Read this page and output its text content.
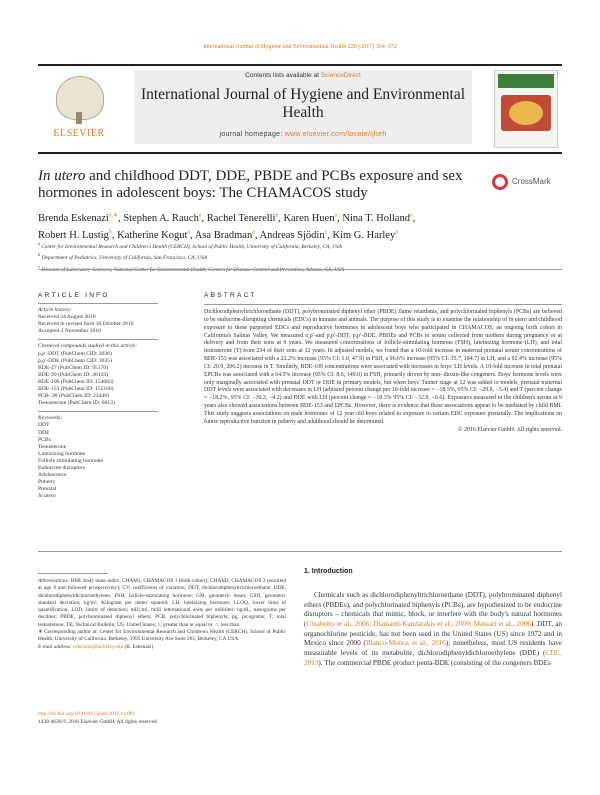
International Journal of Hygiene and Environmental Health 220 (2017) 364–372
ELSEVIER
Contents lists available at ScienceDirect
International Journal of Hygiene and Environmental Health
journal homepage: www.elsevier.com/locate/ijheh
In utero and childhood DDT, DDE, PBDE and PCBs exposure and sex hormones in adolescent boys: The CHAMACOS study
CrossMark
Brenda Eskenazi$^{a,∗}$, Stephen A. Rauch$^a$, Rachel Tenerelli$^a$, Karen Huen$^a$, Nina T. Holland$^a$,
Robert H. Lustig$^b$, Katherine Kogut$^a$, Asa Bradman$^a$, Andreas Sjödin$^c$, Kim G. Harley$^a$
$^a$ Center for Environmental Research and Children's Health (CERCH), School of Public Health, University of California, Berkeley, CA, USA
$^b$ Department of Pediatrics, University of California, San Francisco, CA, USA
$^c$
ARTICLE INFO
Article history:
Received 24 August 2016
Received in revised form 30 October 2016
Accepted 2 November 2016
Chemical compounds studied in this article:
p,p′-DDT (PubChem CID: 3036)
p,p′-DDE (PubChem CID: 3035)
BDE-47 (PubChem ID: 95170)
BDE-99 (PubChem ID: 36159)
BDE-100 (PubChem ID: 154083)
BDE-153 (PubChem ID: 155166)
PCB- 28 (PubChem ID: 23448)
Testosterone (PubChem ID: 6013)
Keywords:
DDT
DDE
PCBs
Testosterone
Luteinizing hormone
Follicle stimulating hormone
Endocrine disruptors
Adolescence
Puberty
Prenatal
In utero
ABSTRACT
Dichlorodiphenyltrichloroethane (DDT), polybrominated diphenyl ether (PBDE) flame retardants, and polychlorinated biphenyls (PCBs) are believed to be endocrine-disrupting chemicals (EDCs) in humans and animals. The purpose of this study is to examine the relationship of in utero and childhood exposure to these purported EDCs and reproductive hormones in adolescent boys who participated in CHAMACOS, an ongoing birth cohort in California's Salinas Valley. We measured o,p′-and p,p′-DDT, p,p′-DDE, PBDEs and PCBs in serum collected from mothers during pregnancy or at delivery and from their sons at 9 years. We measured concentrations of follicle-stimulating hormone (FSH), luteinizing hormone (LH), and total testosterone (T) from 234 of their sons at 12 years. In adjusted models, we found that a 10-fold increase in maternal prenatal serum concentrations of BDE-153 was associated with a 22.2% increase (95% CI: 1.0, 47.9) in FSH, a 96.6% increase (95% CI: 35.7, 184.7) in LH, and a 92.4% increase (95% CI: 20.9, 206.2) increase in T. Similarly, BDE-100 concentrations were associated with increases in boys' LH levels. A 10-fold increase in total prenatal ΣPCBs was associated with a 64.5% increase (95% CI: 8.6, 149.0) in FSH, primarily driven by non- dioxin-like congeners. Boys' hormone levels were only marginally associated with prenatal DDT or DDE in primary models, but when boys' Tanner stage at 12 was added to models, prenatal maternal DDT levels were associated with decreases in LH (adjusted percent change per 10-fold increase = −18.5%, 95% CI: −29.8, −5.4) and T (percent change = −18.2%, 95% CI: −30.2, −4.2) and DDE with LH (percent change = −18.3% 95% CI: −32.9, −0.6). Exposures measured in the children's serum at 9 years also showed associations between BDE-153 and ΣPCBs. However, there is evidence that these associations appear to be mediated by child BMI. This study suggests associations on male hormones of 12 year old boys related to exposure to certain EDC exposure prenatally. The implications on future reproductive function in puberty and adulthood should be determined.
© 2016 Elsevier GmbH. All rights reserved.
Abbreviations: BMI, body mass index; CHAM1, CHAMACOS 1 (birth cohort); CHAM2, CHAMACOS 2 (enrolled at age 9 and followed prospectively); CV, coefficients of variation; DDT, dichlorodiphenyltrichloroethane; DDE, dichlorodiphenyldichloroethylene; FSH, follicle-stimulating hormone; GM, geometric mean; GSD, geometric standard deviation; kg/m², Kilogram per meter squared; LH, luteinizing hormone; LLOQ, lower limit of quantification; LOD, limits of detection; mIU/ml, milli international units per milliliter; ng/dL, nanograms per deciliter; PBDE, polybrominated diphenyl ethers; PCB, polychlorinated biphenyls; pg, picograms; T, total testosterone; TB, Technical Bulletin; US, United States; ≥, greater than or equal to; <, less than.
∗ Corresponding author at: Center for Environmental Research and Children's Health (CERCH), School of Public Health, University of California, Berkeley, 1995 University Ave Suite 265, Berkeley, CA USA.
E-mail address: eskenazi@berkeley.edu (B. Eskenazi).
http://dx.doi.org/10.1016/j.ijheh.2016.11.001
1438-4639/© 2016 Elsevier GmbH. All rights reserved.
1. Introduction
Chemicals such as dichlorodiphenyltrichloroethane (DDT), polybrominated diphenyl ethers (PBDEs), and polychlorinated biphenyls (PCBs), are hypothesized to be endocrine disruptors – chemicals that mimic, block, or interfere with the body's natural hormones (Chiabotto et al., 2006; Diamanti-Kandarakis et al., 2009; Massart et al., 2006). DDT, an organochlorine pesticide, has not been used in the United States (US) since 1972 and in Mexico since 2000 (Blanco-Munoz et al., 2016); nonetheless, most US residents have measurable levels of its metabolite, dichlorodiphenyldichloroethylene (DDE) (CDC, 2013). The commercial PBDE product penta-BDE (consisting of the congeners BDEs
